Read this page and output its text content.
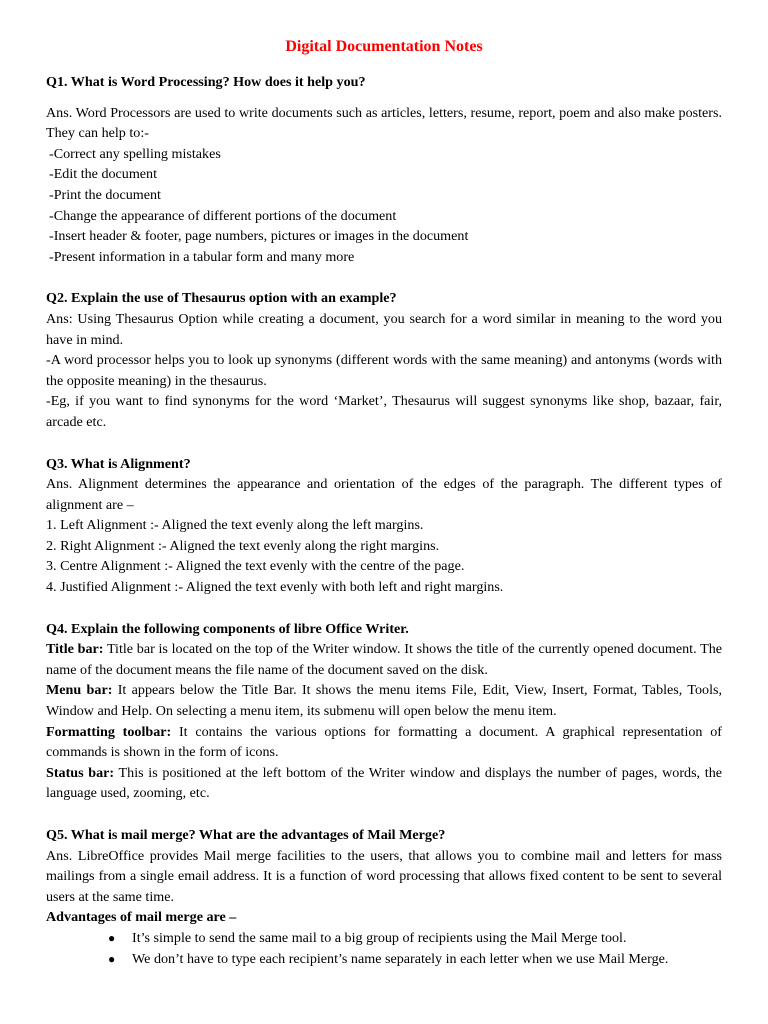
Digital Documentation Notes

Q1. What is Word Processing? How does it help you?

Ans. Word Processors are used to write documents such as articles, letters, resume, report, poem and also make posters. They can help to:-

-Correct any spelling mistakes
-Edit the document
-Print the document
-Change the appearance of different portions of the document
-Insert header & footer, page numbers, pictures or images in the document
-Present information in a tabular form and many more

Q2. Explain the use of Thesaurus option with an example?

Ans: Using Thesaurus Option while creating a document, you search for a word similar in meaning to the word you have in mind.

-A word processor helps you to look up synonyms (different words with the same meaning) and antonyms (words with the opposite meaning) in the thesaurus.

-Eg, if you want to find synonyms for the word ‘Market’, Thesaurus will suggest synonyms like shop, bazaar, fair, arcade etc.

Q3. What is Alignment?

Ans. Alignment determines the appearance and orientation of the edges of the paragraph. The different types of alignment are –

1. Left Alignment :- Aligned the text evenly along the left margins.
2. Right Alignment :- Aligned the text evenly along the right margins.
3. Centre Alignment :- Aligned the text evenly with the centre of the page.
4. Justified Alignment :- Aligned the text evenly with both left and right margins.

Q4. Explain the following components of libre Office Writer.

Title bar: Title bar is located on the top of the Writer window. It shows the title of the currently opened document. The name of the document means the file name of the document saved on the disk.

Menu bar: It appears below the Title Bar. It shows the menu items File, Edit, View, Insert, Format, Tables, Tools, Window and Help. On selecting a menu item, its submenu will open below the menu item.

Formatting toolbar: It contains the various options for formatting a document. A graphical representation of commands is shown in the form of icons.

Status bar: This is positioned at the left bottom of the Writer window and displays the number of pages, words, the language used, zooming, etc.

Q5. What is mail merge? What are the advantages of Mail Merge?

Ans. LibreOffice provides Mail merge facilities to the users, that allows you to combine mail and letters for mass mailings from a single email address. It is a function of word processing that allows fixed content to be sent to several users at the same time.

Advantages of mail merge are –

● It’s simple to send the same mail to a big group of recipients using the Mail Merge tool.
● We don’t have to type each recipient’s name separately in each letter when we use Mail Merge.
